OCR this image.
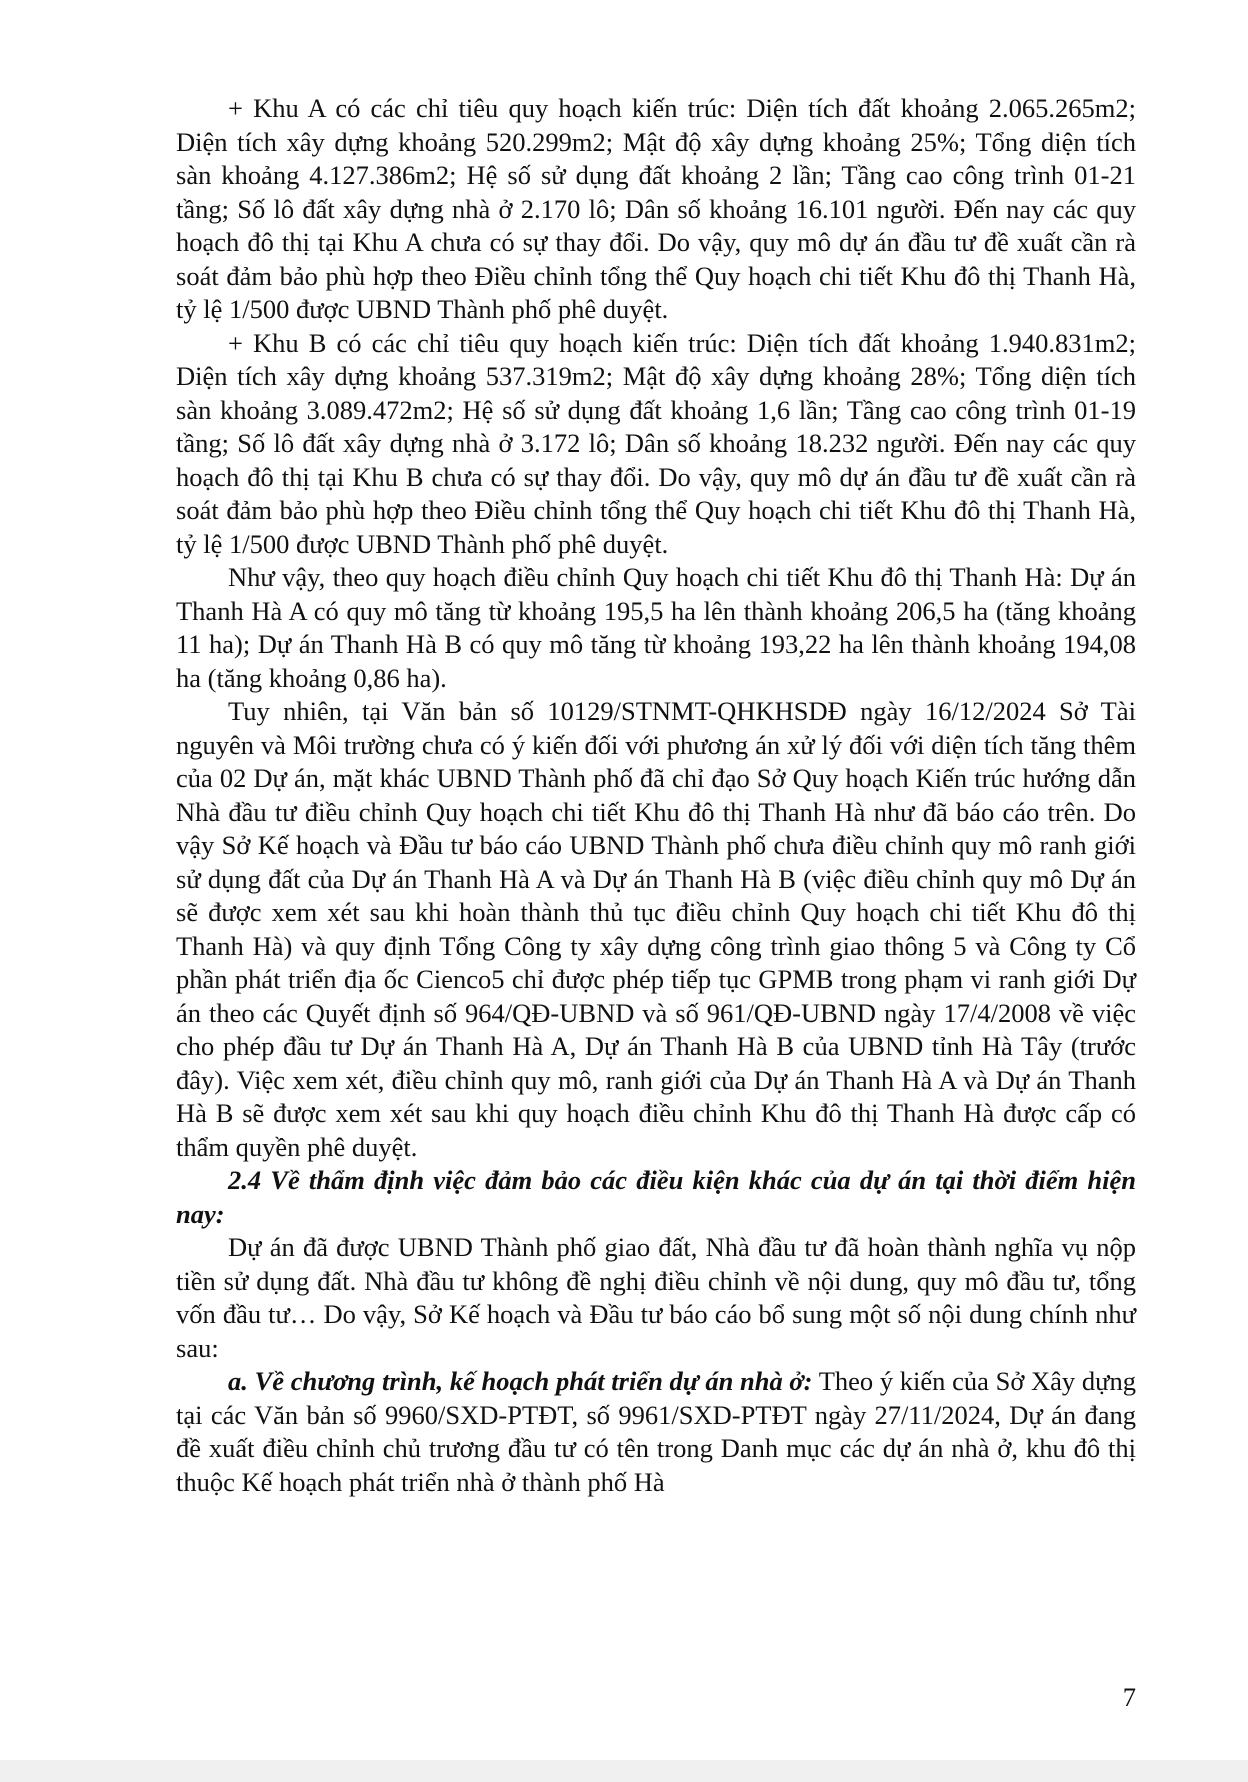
+ Khu A có các chỉ tiêu quy hoạch kiến trúc: Diện tích đất khoảng 2.065.265m2; Diện tích xây dựng khoảng 520.299m2; Mật độ xây dựng khoảng 25%; Tổng diện tích sàn khoảng 4.127.386m2; Hệ số sử dụng đất khoảng 2 lần; Tầng cao công trình 01-21 tầng; Số lô đất xây dựng nhà ở 2.170 lô; Dân số khoảng 16.101 người. Đến nay các quy hoạch đô thị tại Khu A chưa có sự thay đổi. Do vậy, quy mô dự án đầu tư đề xuất cần rà soát đảm bảo phù hợp theo Điều chỉnh tổng thể Quy hoạch chi tiết Khu đô thị Thanh Hà, tỷ lệ 1/500 được UBND Thành phố phê duyệt.

+ Khu B có các chỉ tiêu quy hoạch kiến trúc: Diện tích đất khoảng 1.940.831m2; Diện tích xây dựng khoảng 537.319m2; Mật độ xây dựng khoảng 28%; Tổng diện tích sàn khoảng 3.089.472m2; Hệ số sử dụng đất khoảng 1,6 lần; Tầng cao công trình 01-19 tầng; Số lô đất xây dựng nhà ở 3.172 lô; Dân số khoảng 18.232 người. Đến nay các quy hoạch đô thị tại Khu B chưa có sự thay đổi. Do vậy, quy mô dự án đầu tư đề xuất cần rà soát đảm bảo phù hợp theo Điều chỉnh tổng thể Quy hoạch chi tiết Khu đô thị Thanh Hà, tỷ lệ 1/500 được UBND Thành phố phê duyệt.

Như vậy, theo quy hoạch điều chỉnh Quy hoạch chi tiết Khu đô thị Thanh Hà: Dự án Thanh Hà A có quy mô tăng từ khoảng 195,5 ha lên thành khoảng 206,5 ha (tăng khoảng 11 ha); Dự án Thanh Hà B có quy mô tăng từ khoảng 193,22 ha lên thành khoảng 194,08 ha (tăng khoảng 0,86 ha).

Tuy nhiên, tại Văn bản số 10129/STNMT-QHKHSDĐ ngày 16/12/2024 Sở Tài nguyên và Môi trường chưa có ý kiến đối với phương án xử lý đối với diện tích tăng thêm của 02 Dự án, mặt khác UBND Thành phố đã chỉ đạo Sở Quy hoạch Kiến trúc hướng dẫn Nhà đầu tư điều chỉnh Quy hoạch chi tiết Khu đô thị Thanh Hà như đã báo cáo trên. Do vậy Sở Kế hoạch và Đầu tư báo cáo UBND Thành phố chưa điều chỉnh quy mô ranh giới sử dụng đất của Dự án Thanh Hà A và Dự án Thanh Hà B (việc điều chỉnh quy mô Dự án sẽ được xem xét sau khi hoàn thành thủ tục điều chỉnh Quy hoạch chi tiết Khu đô thị Thanh Hà) và quy định Tổng Công ty xây dựng công trình giao thông 5 và Công ty Cổ phần phát triển địa ốc Cienco5 chỉ được phép tiếp tục GPMB trong phạm vi ranh giới Dự án theo các Quyết định số 964/QĐ-UBND và số 961/QĐ-UBND ngày 17/4/2008 về việc cho phép đầu tư Dự án Thanh Hà A, Dự án Thanh Hà B của UBND tỉnh Hà Tây (trước đây). Việc xem xét, điều chỉnh quy mô, ranh giới của Dự án Thanh Hà A và Dự án Thanh Hà B sẽ được xem xét sau khi quy hoạch điều chỉnh Khu đô thị Thanh Hà được cấp có thẩm quyền phê duyệt.

2.4 Về thẩm định việc đảm bảo các điều kiện khác của dự án tại thời điểm hiện nay:

Dự án đã được UBND Thành phố giao đất, Nhà đầu tư đã hoàn thành nghĩa vụ nộp tiền sử dụng đất. Nhà đầu tư không đề nghị điều chỉnh về nội dung, quy mô đầu tư, tổng vốn đầu tư… Do vậy, Sở Kế hoạch và Đầu tư báo cáo bổ sung một số nội dung chính như sau:

a. Về chương trình, kế hoạch phát triển dự án nhà ở: Theo ý kiến của Sở Xây dựng tại các Văn bản số 9960/SXD-PTĐT, số 9961/SXD-PTĐT ngày 27/11/2024, Dự án đang đề xuất điều chỉnh chủ trương đầu tư có tên trong Danh mục các dự án nhà ở, khu đô thị thuộc Kế hoạch phát triển nhà ở thành phố Hà

7
